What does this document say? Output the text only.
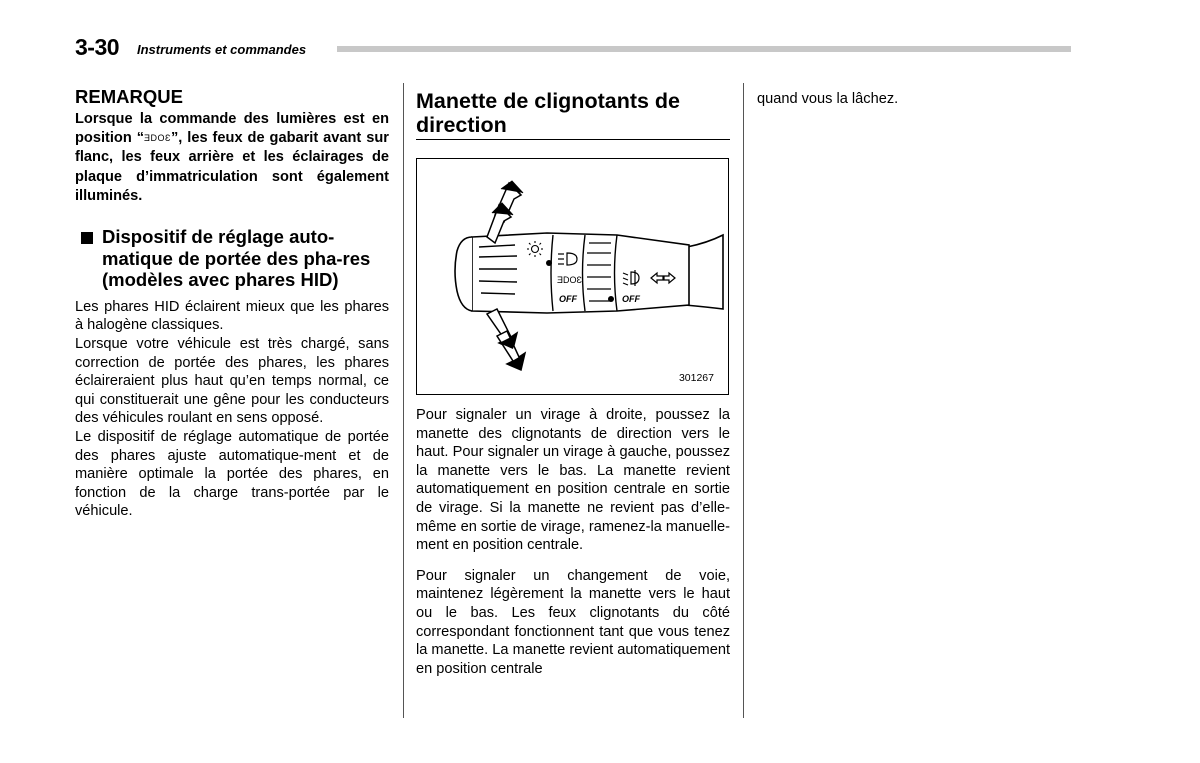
3-30 Instruments et commandes
REMARQUE
Lorsque la commande des lumières est en position “ƎDOƐ”, les feux de gabarit avant sur flanc, les feux arrière et les éclairages de plaque d’immatriculation sont également illuminés.
Dispositif de réglage auto-matique de portée des pha-res (modèles avec phares HID)

Les phares HID éclairent mieux que les phares à halogène classiques.

Lorsque votre véhicule est très chargé, sans correction de portée des phares, les phares éclaireraient plus haut qu’en temps normal, ce qui constituerait une gêne pour les conducteurs des véhicules roulant en sens opposé.

Le dispositif de réglage automatique de portée des phares ajuste automatique-ment et de manière optimale la portée des phares, en fonction de la charge trans-portée par le véhicule.

Manette de clignotants de direction
ƎDOƐ
OFF	OFF
301267

Pour signaler un virage à droite, poussez la manette des clignotants de direction vers le haut. Pour signaler un virage à gauche, poussez la manette vers le bas. La manette revient automatiquement en position centrale en sortie de virage. Si la manette ne revient pas d’elle-même en sortie de virage, ramenez-la manuelle-ment en position centrale.

Pour signaler un changement de voie, maintenez légèrement la manette vers le haut ou le bas. Les feux clignotants du côté correspondant fonctionnent tant que vous tenez la manette. La manette revient automatiquement en position centrale

quand vous la lâchez.
